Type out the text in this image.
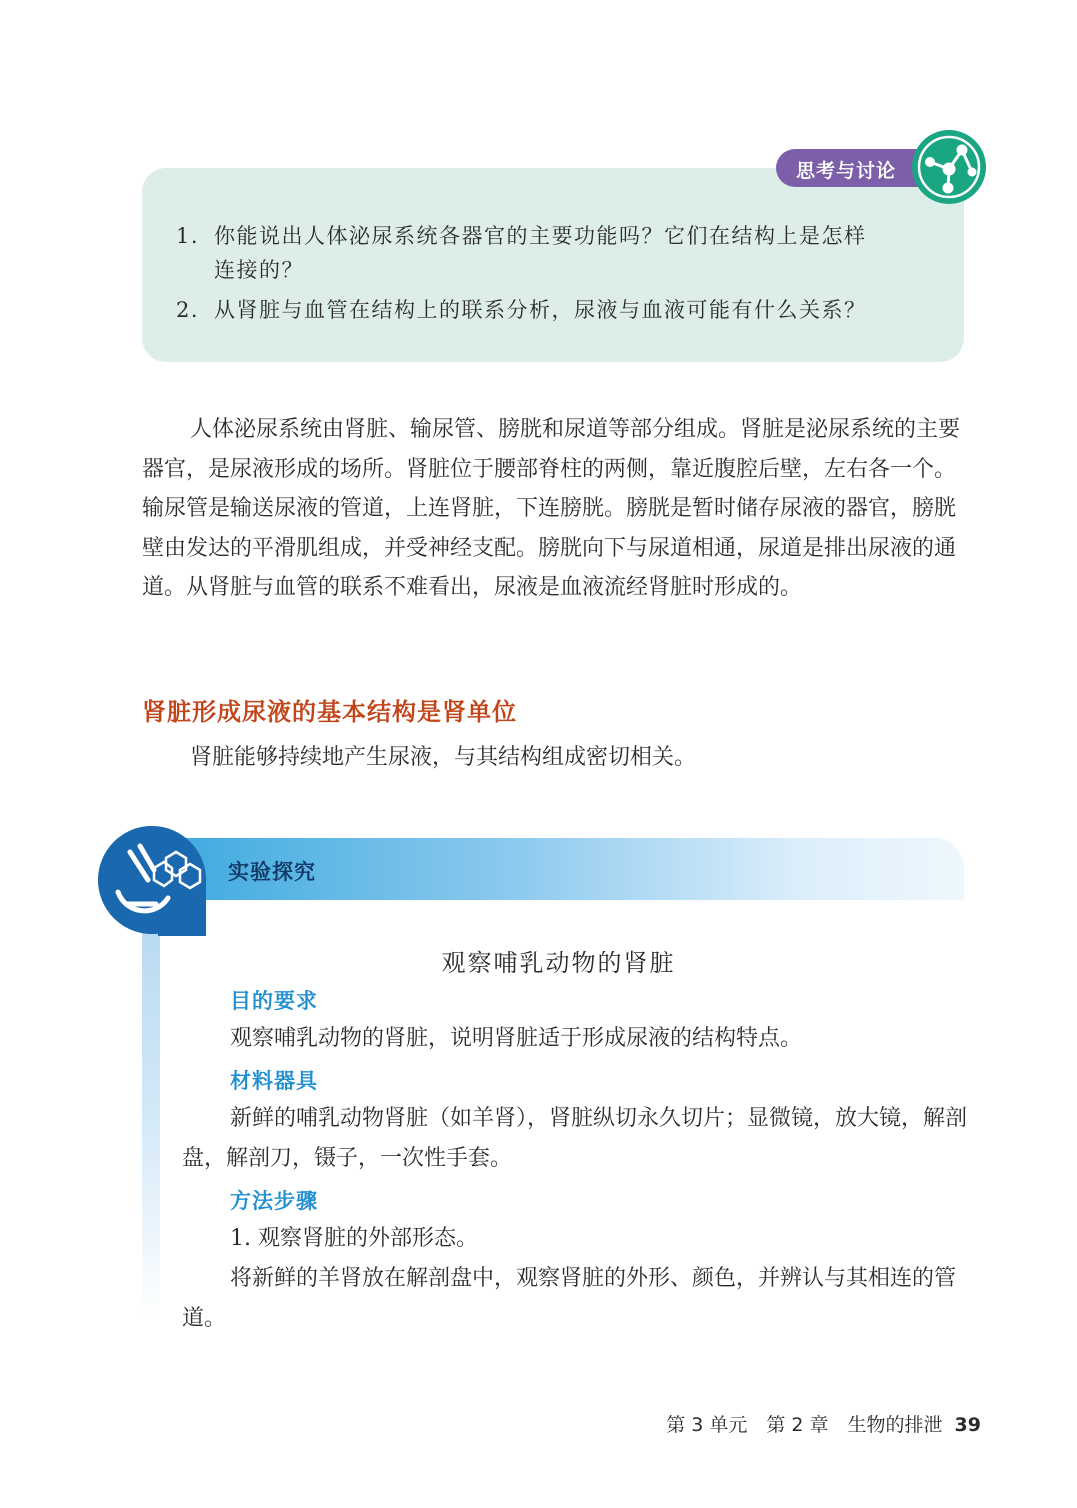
1. 你能说出人体泌尿系统各器官的主要功能吗？它们在结构上是怎样
连接的？
2. 从肾脏与血管在结构上的联系分析，尿液与血液可能有什么关系？
思考与讨论
人体泌尿系统由肾脏、输尿管、膀胱和尿道等部分组成。肾脏是泌尿系统的主要器官，是尿液形成的场所。肾脏位于腰部脊柱的两侧，靠近腹腔后壁，左右各一个。输尿管是输送尿液的管道，上连肾脏，下连膀胱。膀胱是暂时储存尿液的器官，膀胱壁由发达的平滑肌组成，并受神经支配。膀胱向下与尿道相通，尿道是排出尿液的通道。从肾脏与血管的联系不难看出，尿液是血液流经肾脏时形成的。
肾脏形成尿液的基本结构是肾单位
肾脏能够持续地产生尿液，与其结构组成密切相关。
实验探究
观察哺乳动物的肾脏
目的要求
观察哺乳动物的肾脏，说明肾脏适于形成尿液的结构特点。
材料器具
新鲜的哺乳动物肾脏（如羊肾），肾脏纵切永久切片；显微镜，放大镜，解剖盘，解剖刀，镊子，一次性手套。
方法步骤
1. 观察肾脏的外部形态。
将新鲜的羊肾放在解剖盘中，观察肾脏的外形、颜色，并辨认与其相连的管道。
第 3 单元　第 2 章　生物的排泄 39
